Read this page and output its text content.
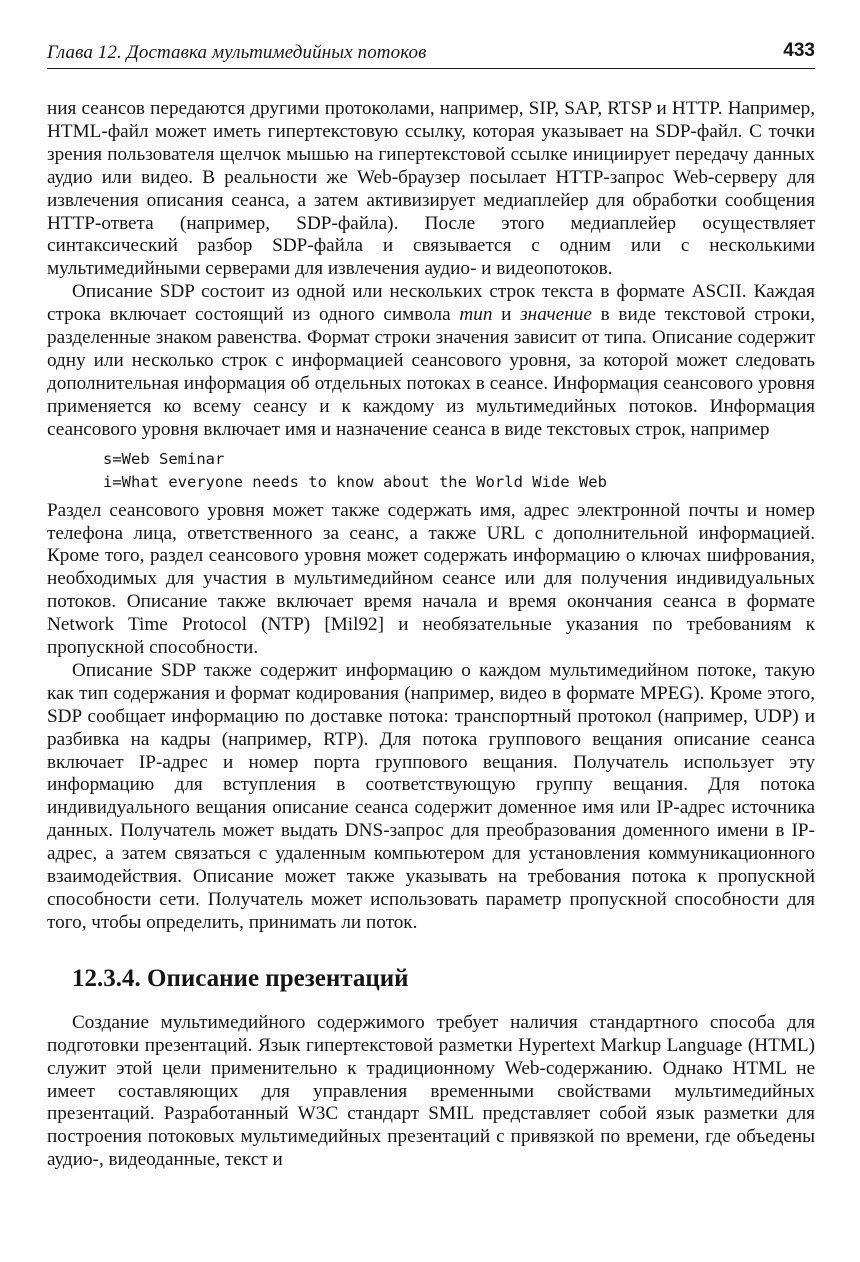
Глава 12. Доставка мультимедийных потоков	433

ния сеансов передаются другими протоколами, например, SIP, SAP, RTSP и HTTP. Например, HTML-файл может иметь гипертекстовую ссылку, которая указывает на SDP-файл. С точки зрения пользователя щелчок мышью на гипертекстовой ссылке инициирует передачу данных аудио или видео. В реальности же Web-браузер посылает HTTP-запрос Web-серверу для извлечения описания сеанса, а затем активизирует медиаплейер для обработки сообщения HTTP-ответа (например, SDP-файла). После этого медиаплейер осуществляет синтаксический разбор SDP-файла и связывается с одним или с несколькими мультимедийными серверами для извлечения аудио- и видеопотоков.

Описание SDP состоит из одной или нескольких строк текста в формате ASCII. Каждая строка включает состоящий из одного символа тип и значение в виде текстовой строки, разделенные знаком равенства. Формат строки значения зависит от типа. Описание содержит одну или несколько строк с информацией сеансового уровня, за которой может следовать дополнительная информация об отдельных потоках в сеансе. Информация сеансового уровня применяется ко всему сеансу и к каждому из мультимедийных потоков. Информация сеансового уровня включает имя и назначение сеанса в виде текстовых строк, например

s=Web Seminar
i=What everyone needs to know about the World Wide Web

Раздел сеансового уровня может также содержать имя, адрес электронной почты и номер телефона лица, ответственного за сеанс, а также URL с дополнительной информацией. Кроме того, раздел сеансового уровня может содержать информацию о ключах шифрования, необходимых для участия в мультимедийном сеансе или для получения индивидуальных потоков. Описание также включает время начала и время окончания сеанса в формате Network Time Protocol (NTP) [Mil92] и необязательные указания по требованиям к пропускной способности.

Описание SDP также содержит информацию о каждом мультимедийном потоке, такую как тип содержания и формат кодирования (например, видео в формате MPEG). Кроме этого, SDP сообщает информацию по доставке потока: транспортный протокол (например, UDP) и разбивка на кадры (например, RTP). Для потока группового вещания описание сеанса включает IP-адрес и номер порта группового вещания. Получатель использует эту информацию для вступления в соответствующую группу вещания. Для потока индивидуального вещания описание сеанса содержит доменное имя или IP-адрес источника данных. Получатель может выдать DNS-запрос для преобразования доменного имени в IP-адрес, а затем связаться с удаленным компьютером для установления коммуникационного взаимодействия. Описание может также указывать на требования потока к пропускной способности сети. Получатель может использовать параметр пропускной способности для того, чтобы определить, принимать ли поток.

12.3.4. Описание презентаций

Создание мультимедийного содержимого требует наличия стандартного способа для подготовки презентаций. Язык гипертекстовой разметки Hypertext Markup Language (HTML) служит этой цели применительно к традиционному Web-содержанию. Однако HTML не имеет составляющих для управления временными свойствами мультимедийных презентаций. Разработанный W3C стандарт SMIL представляет собой язык разметки для построения потоковых мультимедийных презентаций с привязкой по времени, где объедены аудио-, видеоданные, текст и
